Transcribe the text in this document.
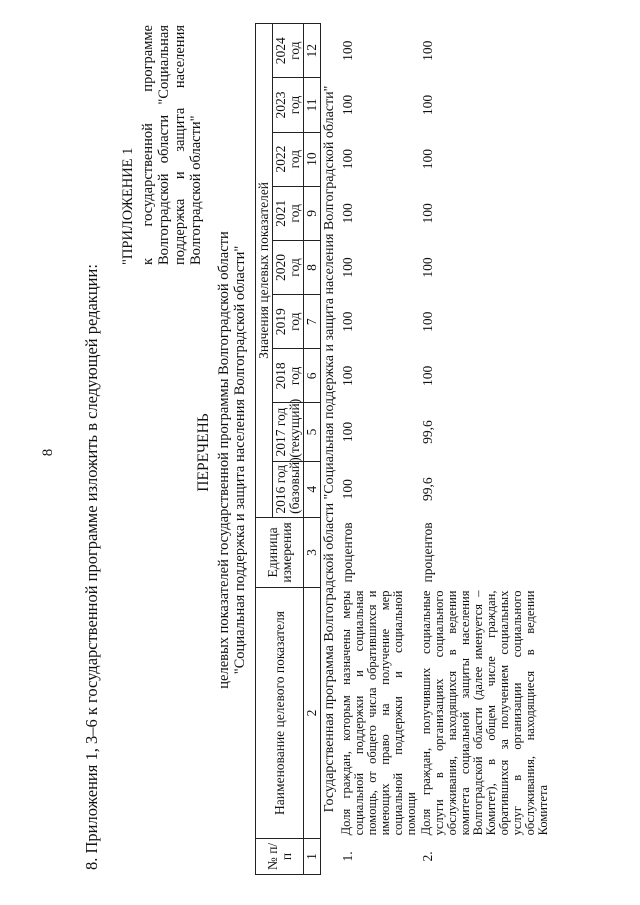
8 8. Приложения 1, 3–6 к государственной программе изложить в следующей редакции:
"ПРИЛОЖЕНИЕ 1 к государственной программе Волгоградской области "Социальная поддержка и защита населения Волгоградской области"
ПЕРЕЧЕНЬ целевых показателей государственной программы Волгоградской области "Социальная поддержка и защита населения Волгоградской области"
№ п/п	Наименование целевого показателя	Единица измерения	Значения целевых показателей								
			2016 год (базовый)	2017 год (текущий)	2018 год	2019 год	2020 год	2021 год	2022 год	2023 год	2024 год
1	2	3	4	5	6	7	8	9	10	11	12
Государственная программа Волгоградской области "Социальная поддержка и защита населения Волгоградской области"											
1.	Доля граждан, которым назначены меры социальной поддержки и социальная помощь, от общего числа обратившихся и имеющих право на получение мер социальной поддержки и социальной помощи	процентов	100	100	100	100	100	100	100	100	100
2.	Доля граждан, получивших социальные услуги в организациях социального обслуживания, находящихся в ведении комитета социальной защиты населения Волгоградской области (далее именуется – Комитет), в общем числе граждан, обратившихся за получением социальных услуг в организации социального обслуживания, находящиеся в ведении Комитета	процентов	99,6	99,6	100	100	100	100	100	100	100
